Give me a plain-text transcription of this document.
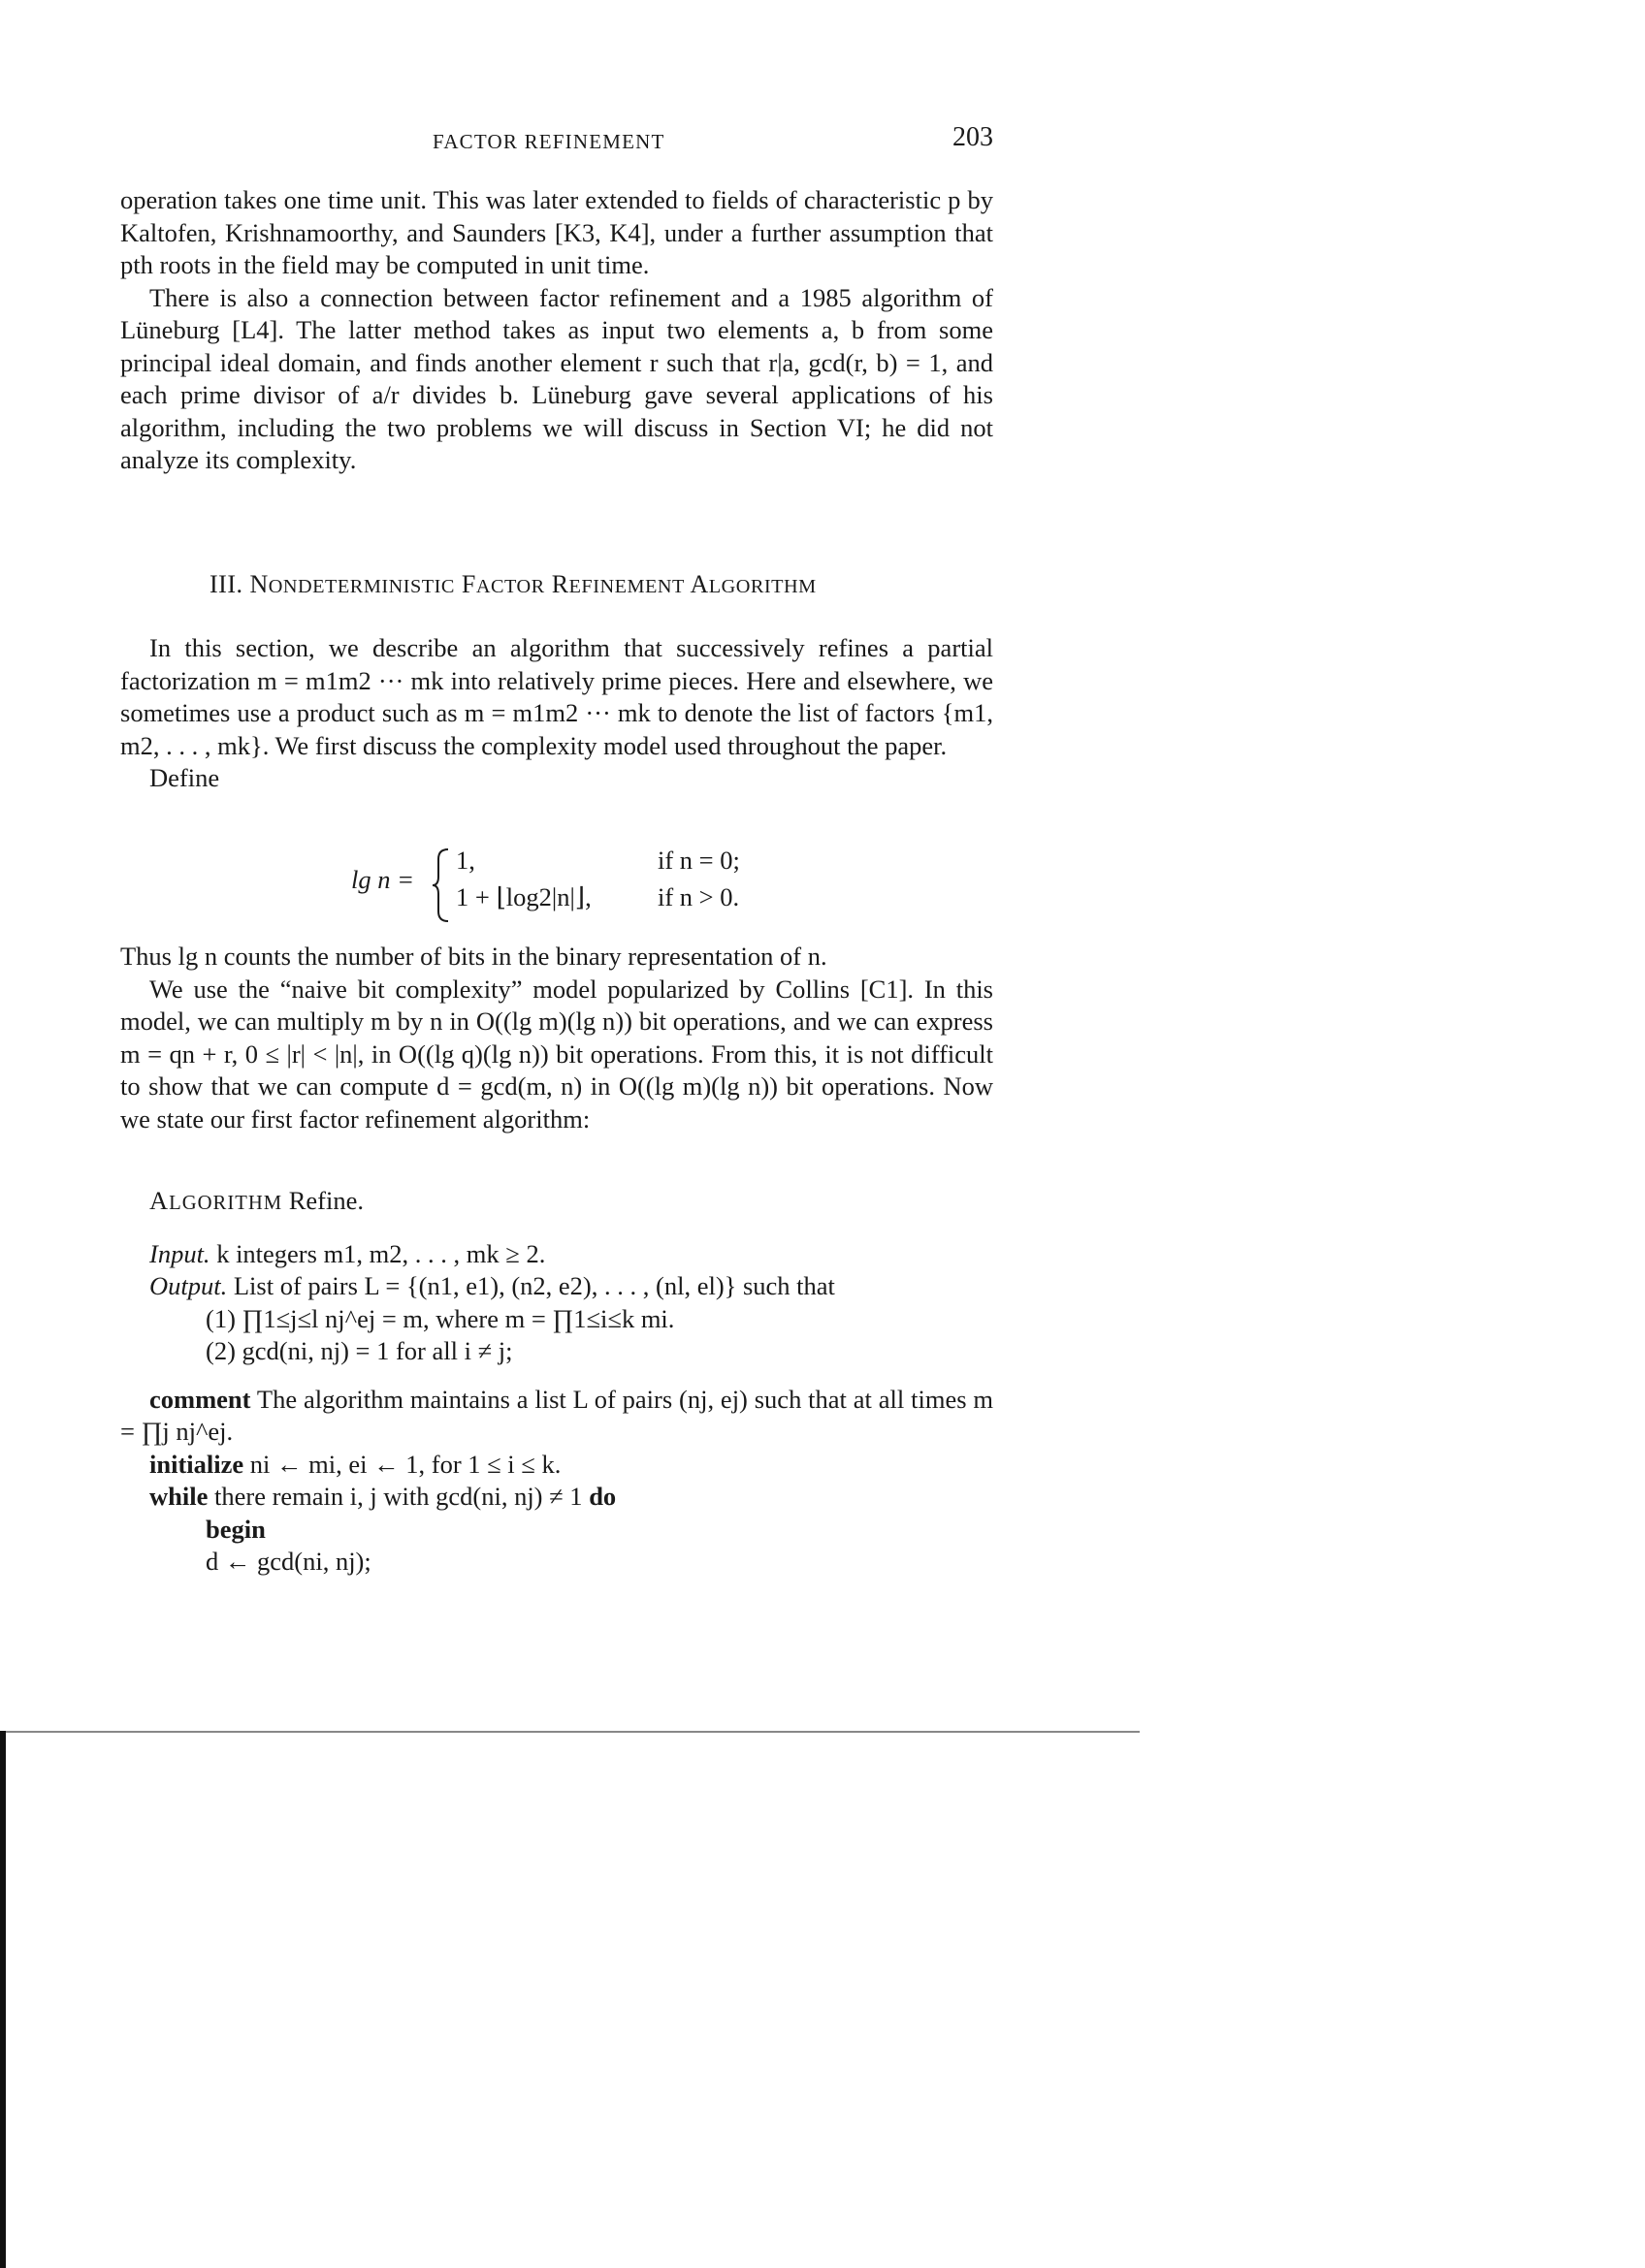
FACTOR REFINEMENT	203

operation takes one time unit. This was later extended to fields of characteristic p by Kaltofen, Krishnamoorthy, and Saunders [K3, K4], under a further assumption that pth roots in the field may be computed in unit time.

There is also a connection between factor refinement and a 1985 algorithm of Lüneburg [L4]. The latter method takes as input two elements a, b from some principal ideal domain, and finds another element r such that r|a, gcd(r, b) = 1, and each prime divisor of a/r divides b. Lüneburg gave several applications of his algorithm, including the two problems we will discuss in Section VI; he did not analyze its complexity.

III. NONDETERMINISTIC FACTOR REFINEMENT ALGORITHM

In this section, we describe an algorithm that successively refines a partial factorization m = m1m2 ··· mk into relatively prime pieces. Here and elsewhere, we sometimes use a product such as m = m1m2 ··· mk to denote the list of factors {m1, m2, . . . , mk}. We first discuss the complexity model used throughout the paper.

Define

lg n =
1,
1 + ⌊log2|n|⌋,
if n = 0;
if n > 0.

Thus lg n counts the number of bits in the binary representation of n.

We use the “naive bit complexity” model popularized by Collins [C1]. In this model, we can multiply m by n in O((lg m)(lg n)) bit operations, and we can express m = qn + r, 0 ≤ |r| < |n|, in O((lg q)(lg n)) bit operations. From this, it is not difficult to show that we can compute d = gcd(m, n) in O((lg m)(lg n)) bit operations. Now we state our first factor refinement algorithm:

ALGORITHM Refine.
Input. k integers m1, m2, . . . , mk ≥ 2.
Output. List of pairs L = {(n1, e1), (n2, e2), . . . , (nl, el)} such that
(1) ∏1≤j≤l nj^ej = m, where m = ∏1≤i≤k mi.
(2) gcd(ni, nj) = 1 for all i ≠ j;
comment The algorithm maintains a list L of pairs (nj, ej) such that at all times m = ∏j nj^ej.
initialize ni ← mi, ei ← 1, for 1 ≤ i ≤ k.
while there remain i, j with gcd(ni, nj) ≠ 1 do
begin
d ← gcd(ni, nj);
